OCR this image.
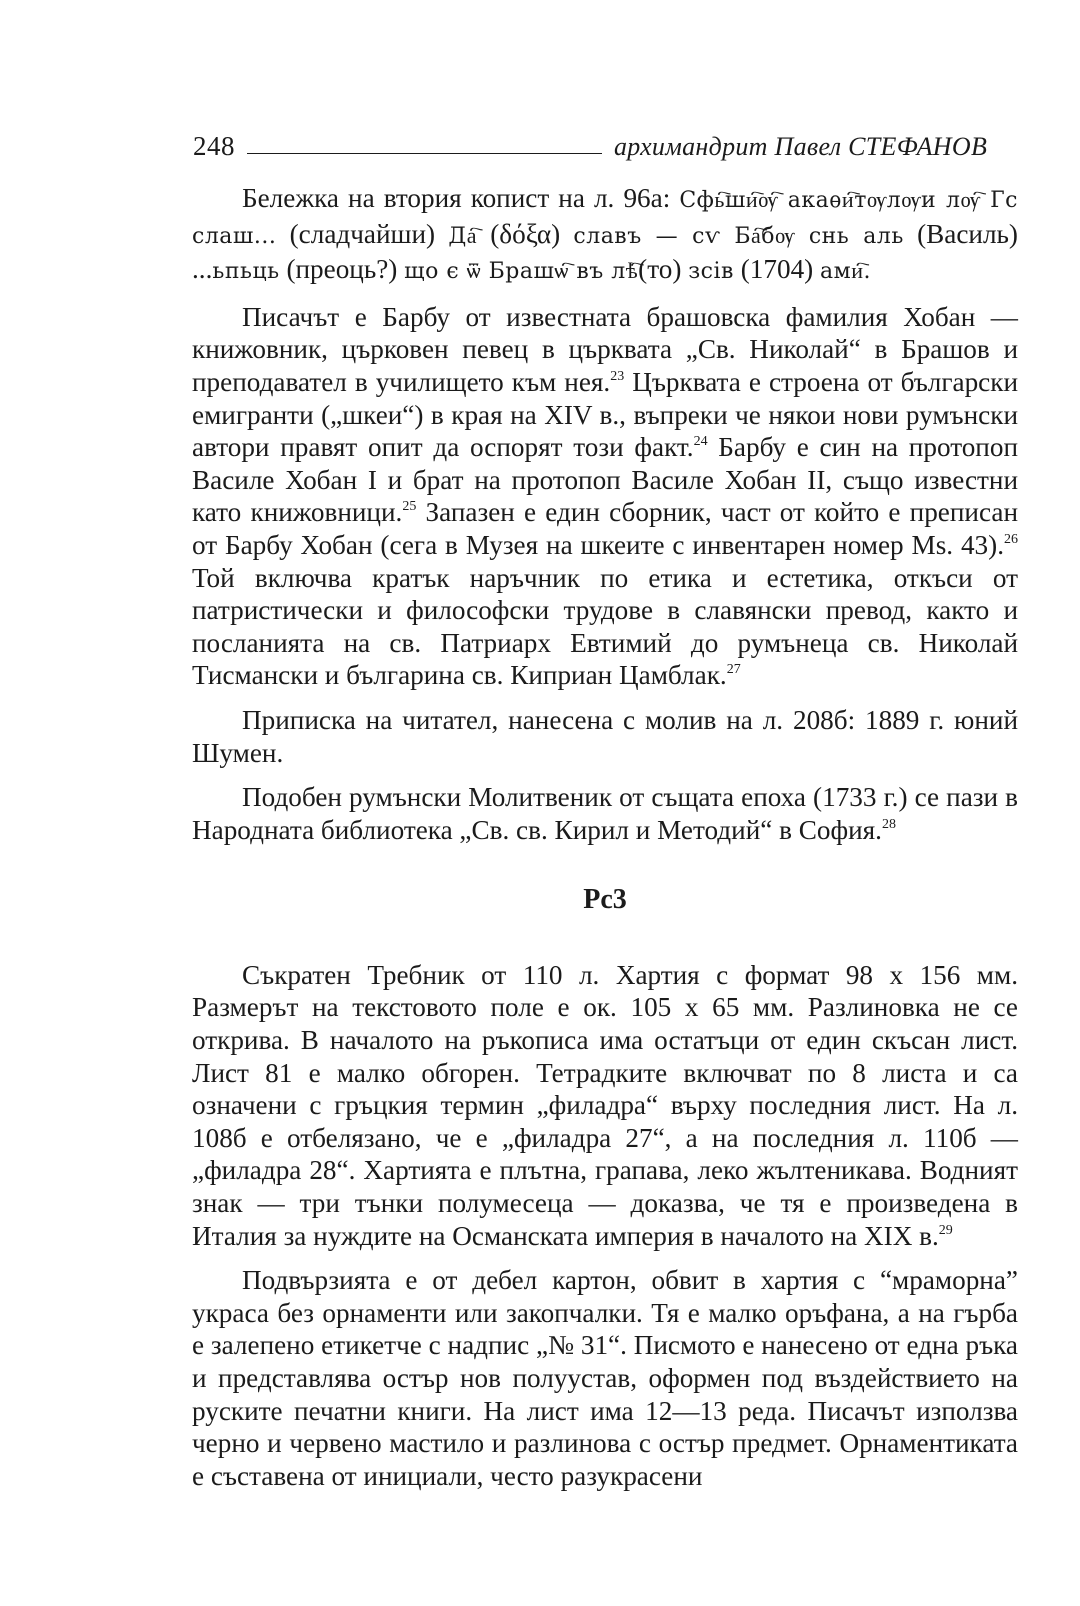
248	архимандрит Павел СТЕФАНОВ

Бележка на втория копист на л. 96а: Сфь҇ши҇ѹ҇ акаѳи҇тѹлѹи лѹ҇ Гс слаш... (сладчайши) Да҇ (δόξα) славъ — сѵ Ба҇бѹ снь аль (Василь) ...ьпьць (преоць?) що є ѿ Брашѡ҇ въ лѣ҇(то) зсів (1704) ами҇.

Писачът е Барбу от известната брашовска фамилия Хобан — книжовник, църковен певец в църквата „Св. Николай“ в Брашов и преподавател в училището към нея.$^{23}$ Църквата е строена от български емигранти („шкеи“) в края на XIV в., въпреки че някои нови румънски автори правят опит да оспорят този факт.$^{24}$ Барбу е син на протопоп Василе Хобан I и брат на протопоп Василе Хобан II, също известни като книжовници.$^{25}$ Запазен е един сборник, част от който е преписан от Барбу Хобан (сега в Музея на шкеите с инвентарен номер Ms. 43).$^{26}$ Той включва кратък наръчник по етика и естетика, откъси от патристически и философски трудове в славянски превод, както и посланията на св. Патриарх Евтимий до румънеца св. Николай Тисмански и българина св. Киприан Цамблак.$^{27}$

Приписка на читател, нанесена с молив на л. 208б: 1889 г. юний Шумен.

Подобен румънски Молитвеник от същата епоха (1733 г.) се пази в Народната библиотека „Св. св. Кирил и Методий“ в София.$^{28}$

Рс3

Съкратен Требник от 110 л. Хартия с формат 98 х 156 мм. Размерът на текстовото поле е ок. 105 х 65 мм. Разлиновка не се открива. В началото на ръкописа има остатъци от един скъсан лист. Лист 81 е малко обгорен. Тетрадките включват по 8 листа и са означени с гръцкия термин „филадра“ върху последния лист. На л. 108б е отбелязано, че е „филадра 27“, а на последния л. 110б — „филадра 28“. Хартията е плътна, грапава, леко жълтеникава. Водният знак — три тънки полумесеца — доказва, че тя е произведена в Италия за нуждите на Османската империя в началото на XIX в.$^{29}$

Подвързията е от дебел картон, обвит в хартия с “мраморна” украса без орнаменти или закопчалки. Тя е малко оръфана, а на гърба е залепено етикетче с надпис „№ 31“. Писмото е нанесено от една ръка и представлява остър нов полуустав, оформен под въздействието на руските печатни книги. На лист има 12—13 реда. Писачът използва черно и червено мастило и разлинова с остър предмет. Орнаментиката е съставена от инициали, често разукрасени
